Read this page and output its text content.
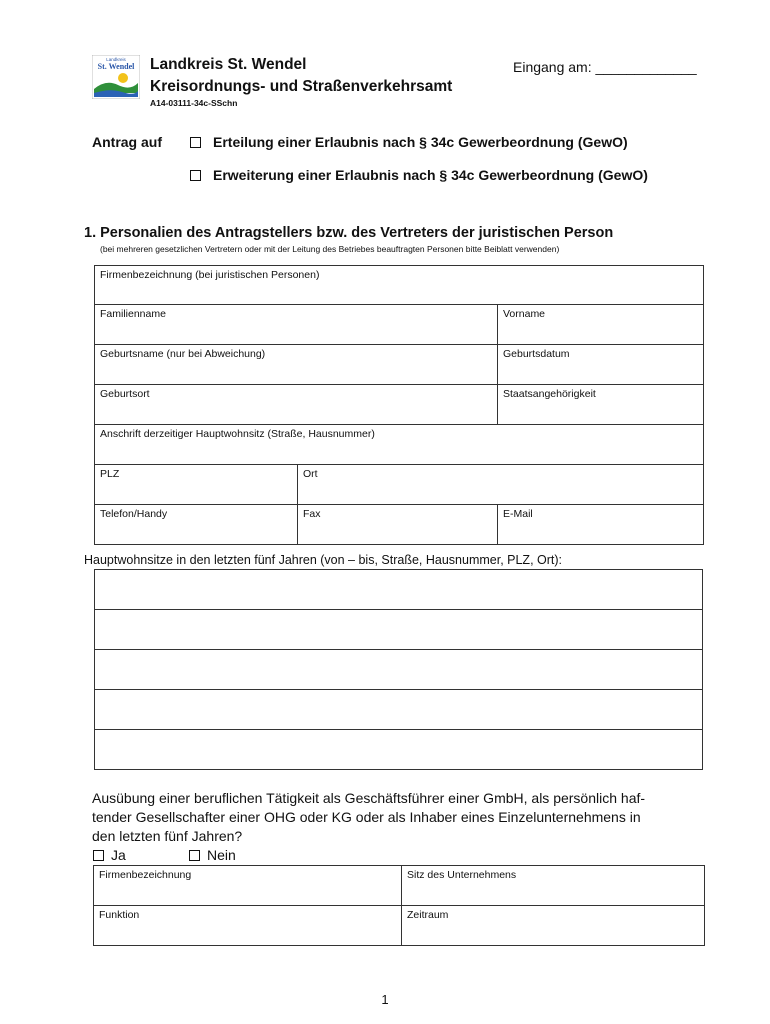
Landkreis
St. Wendel Landkreis St. Wendel
Kreisordnungs- und Straßenverkehrsamt
A14-03111-34c-SSchn
Eingang am: _____________
Antrag auf	Erteilung einer Erlaubnis nach § 34c Gewerbeordnung (GewO)
Erweiterung einer Erlaubnis nach § 34c Gewerbeordnung (GewO)
1. Personalien des Antragstellers bzw. des Vertreters der juristischen Person
(bei mehreren gesetzlichen Vertretern oder mit der Leitung des Betriebes beauftragten Personen bitte Beiblatt verwenden)
Firmenbezeichnung (bei juristischen Personen)		
Familienname		Vorname
Geburtsname (nur bei Abweichung)		Geburtsdatum
Geburtsort		Staatsangehörigkeit
Anschrift derzeitiger Hauptwohnsitz (Straße, Hausnummer)		
PLZ	Ort	
Telefon/Handy	Fax	E-Mail
Hauptwohnsitze in den letzten fünf Jahren (von – bis, Straße, Hausnummer, PLZ, Ort):

Ausübung einer beruflichen Tätigkeit als Geschäftsführer einer GmbH, als persönlich haf-
tender Gesellschafter einer OHG oder KG oder als Inhaber eines Einzelunternehmens in
den letzten fünf Jahren?
Ja	Nein
Firmenbezeichnung	Sitz des Unternehmens
Funktion	Zeitraum
1
